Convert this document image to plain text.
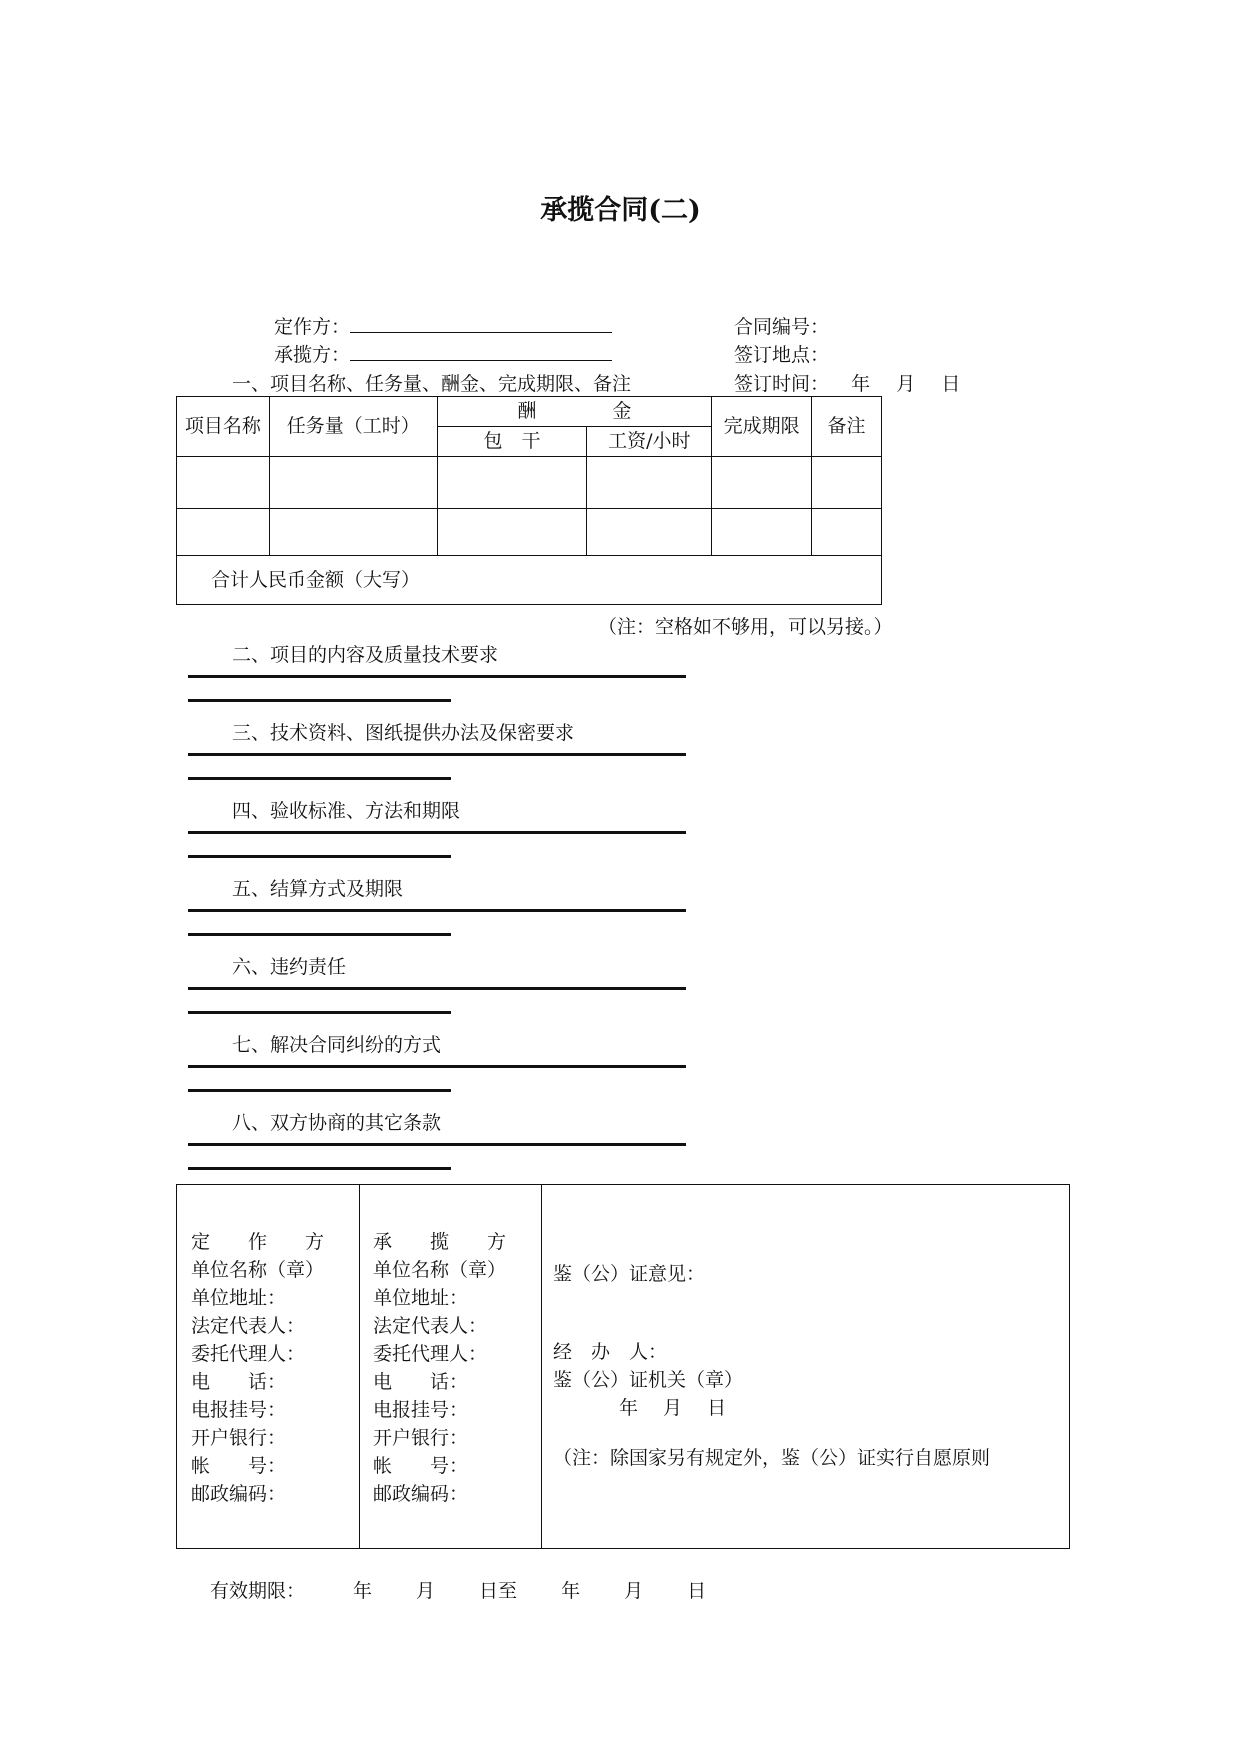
承揽合同(二)
定作方：
承揽方：
合同编号：
签订地点：
一、项目名称、任务量、酬金、完成期限、备注	签订时间： 年 月 日
项目名称	任务量（工时）	酬　　　　金		完成期限	备注
		包　干	工资/小时		

合计人民币金额（大写）					
（注：空格如不够用，可以另接。）
二、项目的内容及质量技术要求
三、技术资料、图纸提供办法及保密要求
四、验收标准、方法和期限
五、结算方式及期限
六、违约责任
七、解决合同纠纷的方式
八、双方协商的其它条款
定　　作　　方
单位名称（章）
单位地址：
法定代表人：
委托代理人：
电　　话：
电报挂号：
开户银行：
帐　　号：
邮政编码：
承　　揽　　方
单位名称（章）
单位地址：
法定代表人：
委托代理人：
电　　话：
电报挂号：
开户银行：
帐　　号：
邮政编码：
鉴（公）证意见：
经　办　人：
鉴（公）证机关（章）
年　 月　 日
（注：除国家另有规定外，鉴（公）证实行自愿原则
有效期限：	年 月 日至 年 月 日
